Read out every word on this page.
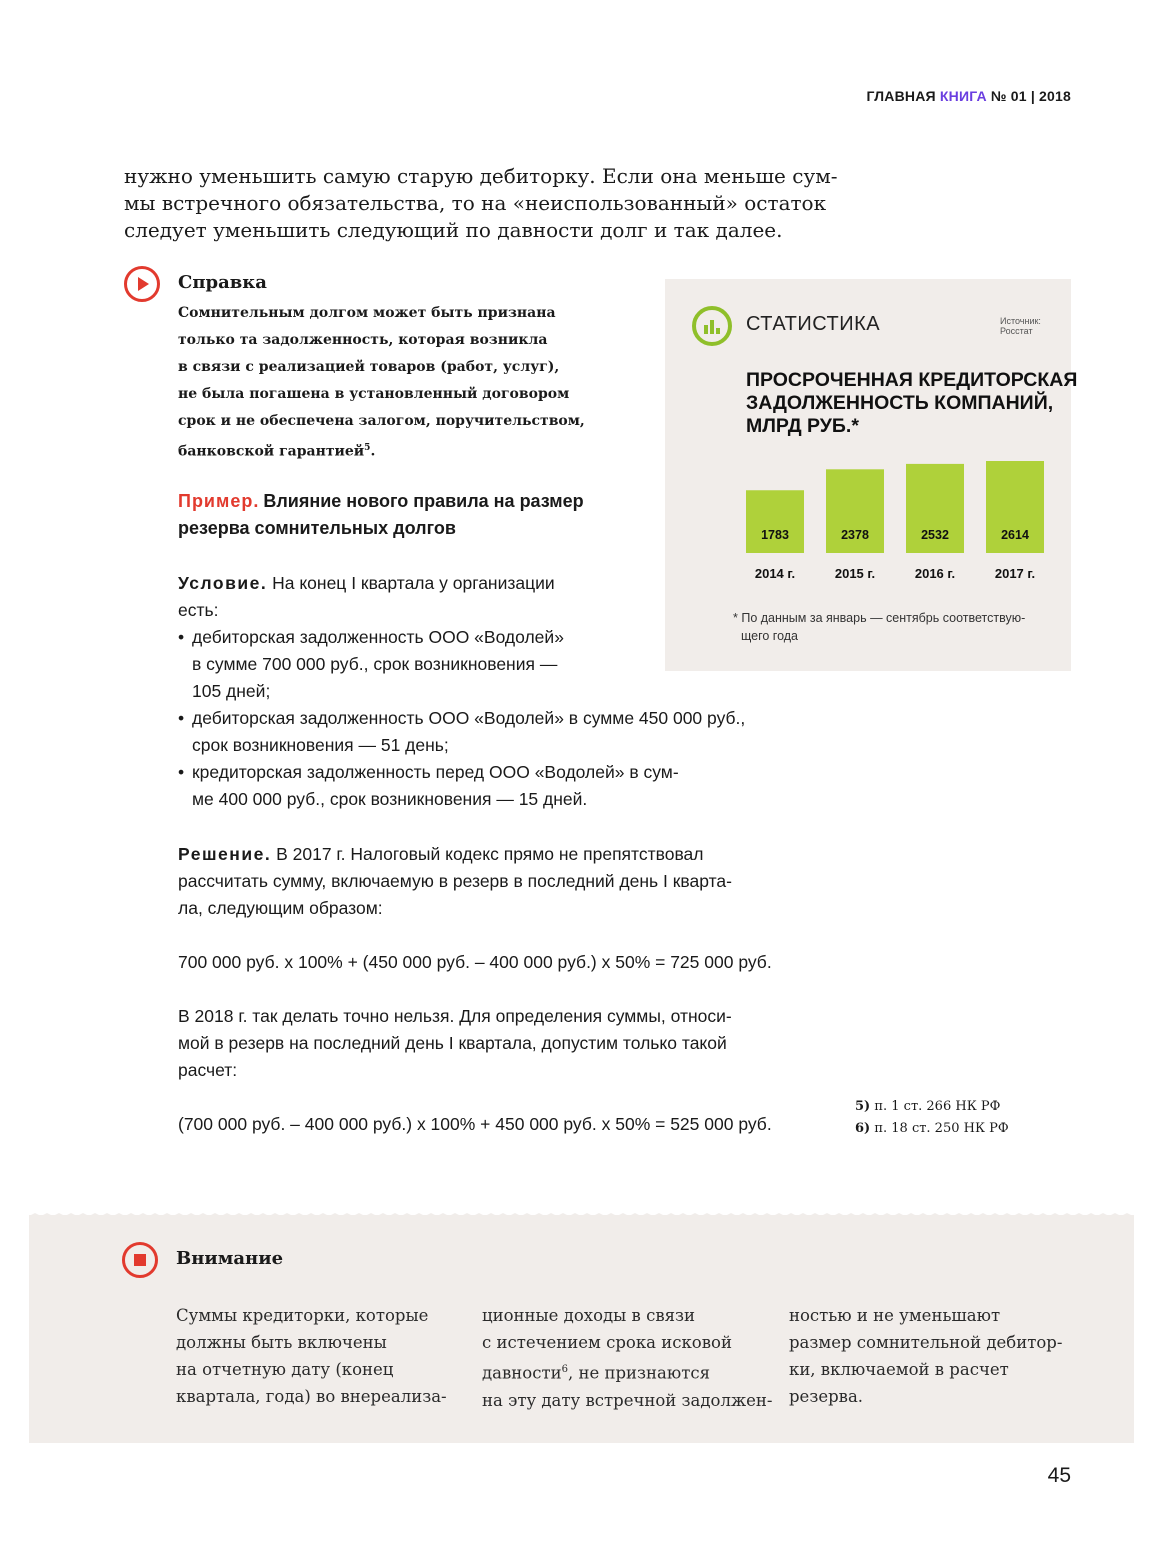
ГЛАВНАЯ КНИГА № 01 | 2018
нужно уменьшить самую старую дебиторку. Если она меньше сум-
мы встречного обязательства, то на «неиспользованный» остаток
следует уменьшить следующий по давности долг и так далее.
Справка
Сомнительным долгом может быть признана
только та задолженность, которая возникла
в связи с реализацией товаров (работ, услуг),
не была погашена в установленный договором
срок и не обеспечена залогом, поручительством,
банковской гарантией$^5$.
Пример. Влияние нового правила на размер
резерва сомнительных долгов
Условие. На конец I квартала у организации
есть:
• дебиторская задолженность ООО «Водолей»
в сумме 700 000 руб., срок возникновения —
105 дней;
• дебиторская задолженность ООО «Водолей» в сумме 450 000 руб.,
срок возникновения — 51 день;
• кредиторская задолженность перед ООО «Водолей» в сум-
ме 400 000 руб., срок возникновения — 15 дней.
Решение. В 2017 г. Налоговый кодекс прямо не препятствовал
рассчитать сумму, включаемую в резерв в последний день I кварта-
ла, следующим образом:
700 000 руб. х 100% + (450 000 руб. – 400 000 руб.) х 50% = 725 000 руб.
В 2018 г. так делать точно нельзя. Для определения суммы, относи-
мой в резерв на последний день I квартала, допустим только такой
расчет:
(700 000 руб. – 400 000 руб.) х 100% + 450 000 руб. х 50% = 525 000 руб.
5) п. 1 ст. 266 НК РФ
6) п. 18 ст. 250 НК РФ
СТАТИСТИКА	Источник:
Росстат
ПРОСРОЧЕННАЯ КРЕДИТОРСКАЯ
ЗАДОЛЖЕННОСТЬ КОМПАНИЙ,
МЛРД РУБ.*
1783
2014 г.
2378
2015 г.
2532
2016 г.
2614
2017 г.
* По данным за январь — сентябрь соответствую-
щего года
Внимание
Суммы кредиторки, которые
должны быть включены
на отчетную дату (конец
квартала, года) во внереализа-
ционные доходы в связи
с истечением срока исковой
давности$^6$, не признаются
на эту дату встречной задолжен-
ностью и не уменьшают
размер сомнительной дебитор-
ки, включаемой в расчет
резерва.
45
